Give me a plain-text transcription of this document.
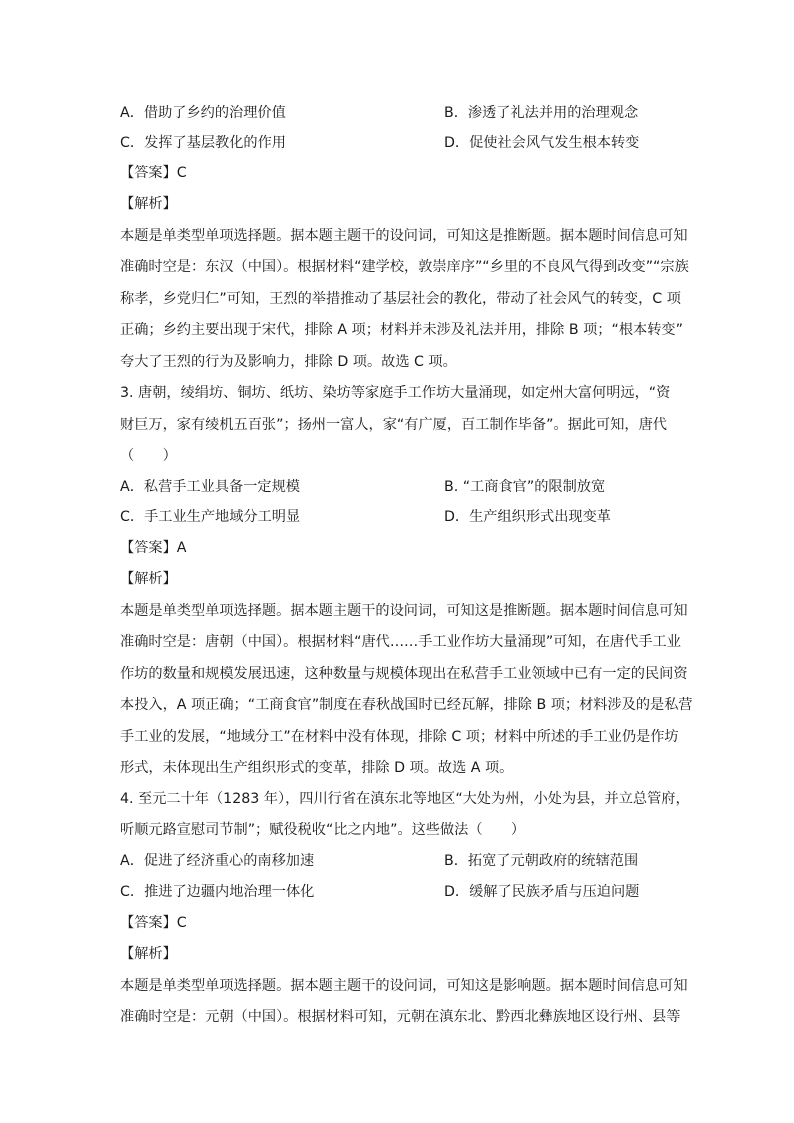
A．借助了乡约的治理价值	B．渗透了礼法并用的治理观念
C．发挥了基层教化的作用	D．促使社会风气发生根本转变
【答案】C
【解析】
本题是单类型单项选择题。据本题主题干的设问词，可知这是推断题。据本题时间信息可知
准确时空是：东汉（中国）。根据材料“建学校，敦崇庠序”“乡里的不良风气得到改变”“宗族
称孝，乡党归仁”可知，王烈的举措推动了基层社会的教化，带动了社会风气的转变，C 项
正确；乡约主要出现于宋代，排除 A 项；材料并未涉及礼法并用，排除 B 项；“根本转变”
夸大了王烈的行为及影响力，排除 D 项。故选 C 项。
3. 唐朝，绫绢坊、铜坊、纸坊、染坊等家庭手工作坊大量涌现，如定州大富何明远，“资
财巨万，家有绫机五百张”；扬州一富人，家“有广厦，百工制作毕备”。据此可知，唐代
（　　）
A．私营手工业具备一定规模	B. “工商食官”的限制放宽
C．手工业生产地域分工明显	D．生产组织形式出现变革
【答案】A
【解析】
本题是单类型单项选择题。据本题主题干的设问词，可知这是推断题。据本题时间信息可知
准确时空是：唐朝（中国）。根据材料“唐代……手工业作坊大量涌现”可知，在唐代手工业
作坊的数量和规模发展迅速，这种数量与规模体现出在私营手工业领域中已有一定的民间资
本投入，A 项正确；“工商食官”制度在春秋战国时已经瓦解，排除 B 项；材料涉及的是私营
手工业的发展，“地域分工”在材料中没有体现，排除 C 项；材料中所述的手工业仍是作坊
形式，未体现出生产组织形式的变革，排除 D 项。故选 A 项。
4. 至元二十年（1283 年），四川行省在滇东北等地区“大处为州，小处为县，并立总管府，
听顺元路宣慰司节制”；赋役税收“比之内地”。这些做法（　　）
A．促进了经济重心的南移加速	B．拓宽了元朝政府的统辖范围
C．推进了边疆内地治理一体化	D．缓解了民族矛盾与压迫问题
【答案】C
【解析】
本题是单类型单项选择题。据本题主题干的设问词，可知这是影响题。据本题时间信息可知
准确时空是：元朝（中国）。根据材料可知，元朝在滇东北、黔西北彝族地区设行州、县等
